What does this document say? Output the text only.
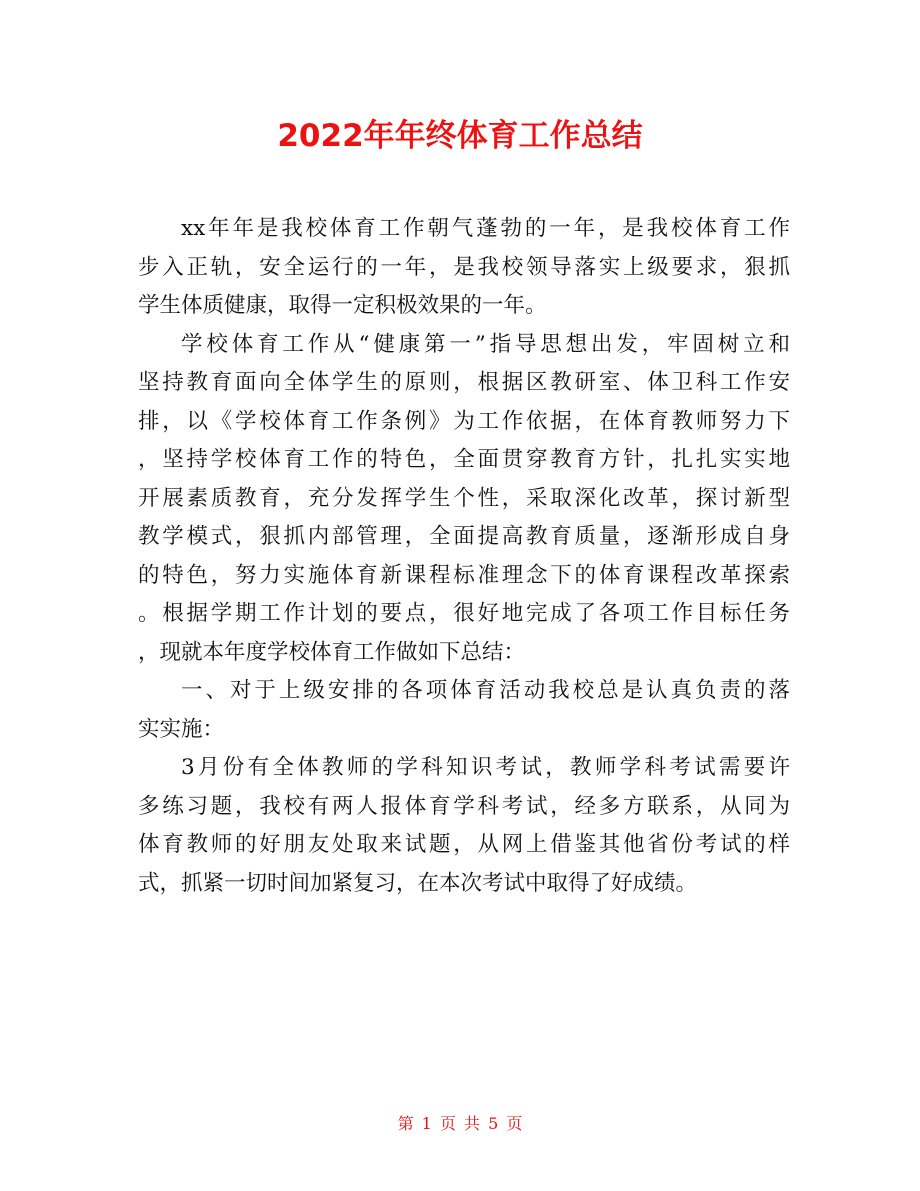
2022年年终体育工作总结
xx年年是我校体育工作朝气蓬勃的一年，是我校体育工作
步入正轨，安全运行的一年，是我校领导落实上级要求，狠抓
学生体质健康，取得一定积极效果的一年。
学校体育工作从“健康第一”指导思想出发，牢固树立和
坚持教育面向全体学生的原则，根据区教研室、体卫科工作安
排，以《学校体育工作条例》为工作依据，在体育教师努力下
，坚持学校体育工作的特色，全面贯穿教育方针，扎扎实实地
开展素质教育，充分发挥学生个性，采取深化改革，探讨新型
教学模式，狠抓内部管理，全面提高教育质量，逐渐形成自身
的特色，努力实施体育新课程标准理念下的体育课程改革探索
。根据学期工作计划的要点，很好地完成了各项工作目标任务
，现就本年度学校体育工作做如下总结：
一、对于上级安排的各项体育活动我校总是认真负责的落
实实施：
3月份有全体教师的学科知识考试，教师学科考试需要许
多练习题，我校有两人报体育学科考试，经多方联系，从同为
体育教师的好朋友处取来试题，从网上借鉴其他省份考试的样
式，抓紧一切时间加紧复习，在本次考试中取得了好成绩。
第 1 页 共 5 页
